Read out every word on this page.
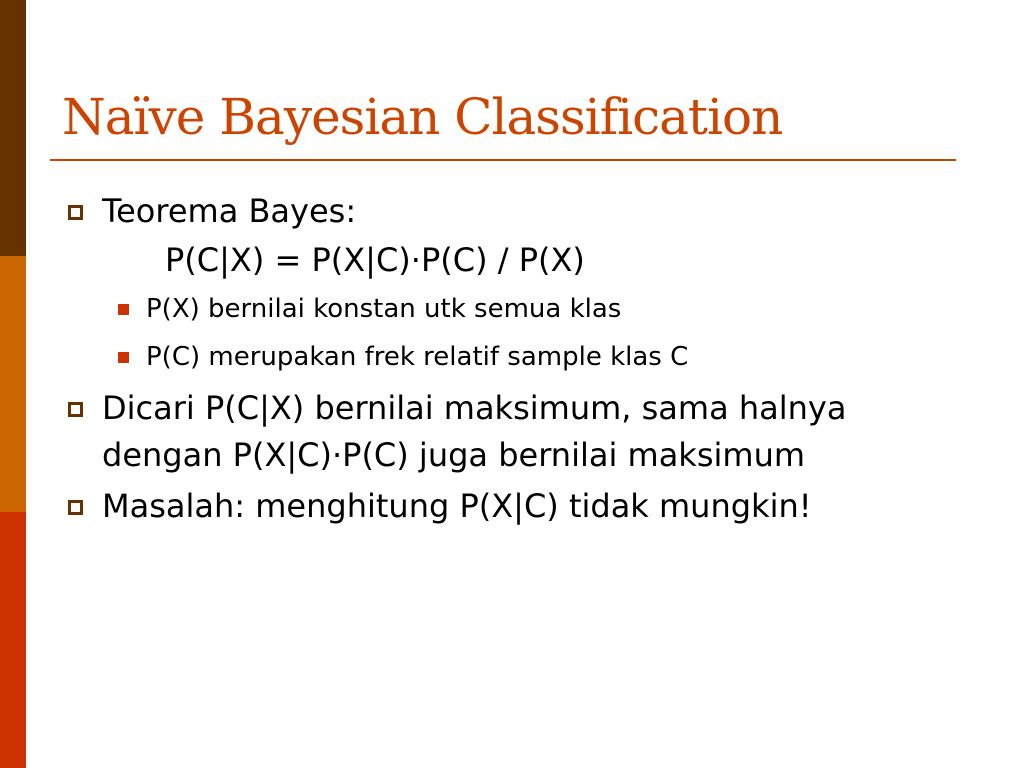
Naïve Bayesian Classification
Teorema Bayes:
P(C|X) = P(X|C)·P(C) / P(X)
P(X) bernilai konstan utk semua klas
P(C) merupakan frek relatif sample klas C
Dicari P(C|X) bernilai maksimum, sama halnya dengan P(X|C)·P(C) juga bernilai maksimum
Masalah: menghitung P(X|C) tidak mungkin!
